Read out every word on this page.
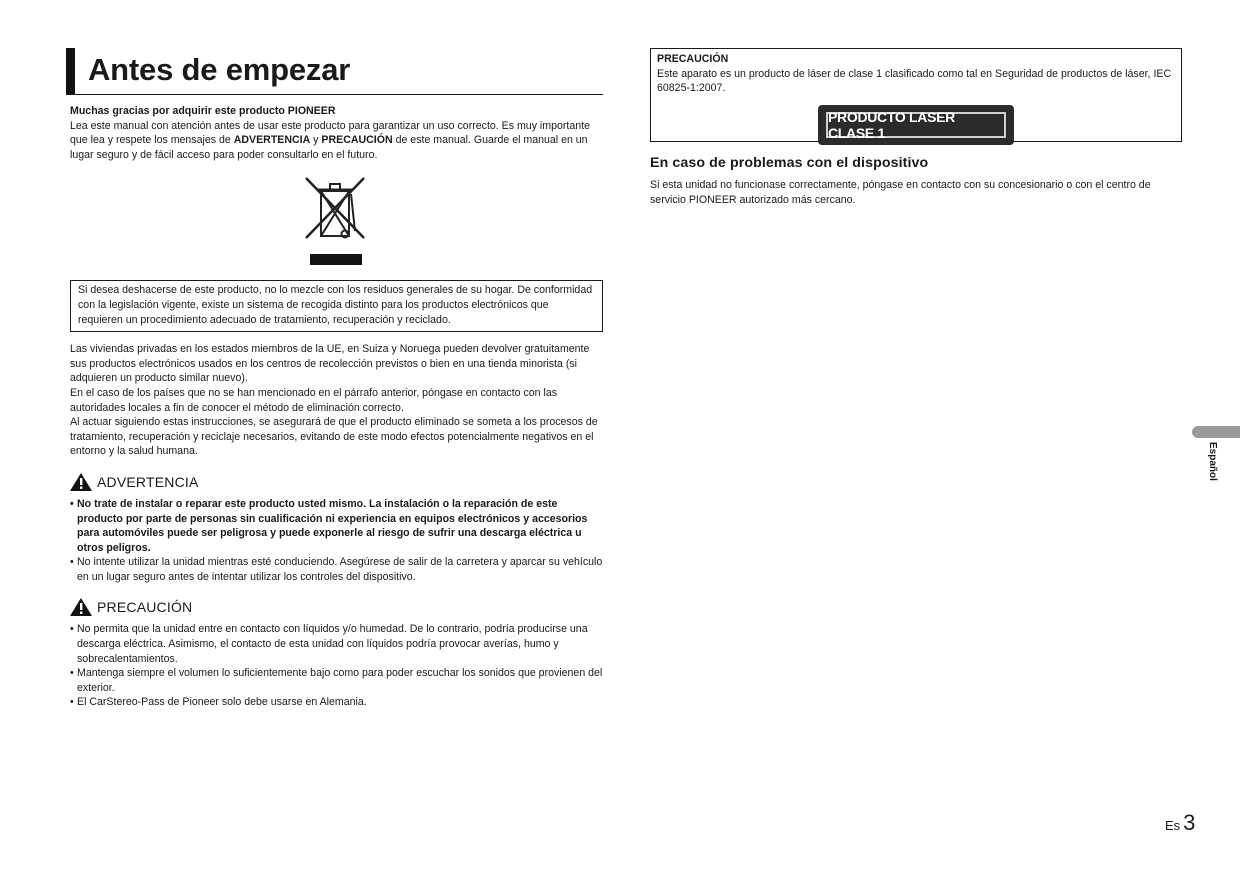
Antes de empezar

Muchas gracias por adquirir este producto PIONEER
Lea este manual con atención antes de usar este producto para garantizar un uso correcto. Es muy importante que lea y respete los mensajes de ADVERTENCIA y PRECAUCIÓN de este manual. Guarde el manual en un lugar seguro y de fácil acceso para poder consultarlo en el futuro.

Si desea deshacerse de este producto, no lo mezcle con los residuos generales de su hogar. De conformidad con la legislación vigente, existe un sistema de recogida distinto para los productos electrónicos que requieren un procedimiento adecuado de tratamiento, recuperación y reciclado.

Las viviendas privadas en los estados miembros de la UE, en Suiza y Noruega pueden devolver gratuitamente sus productos electrónicos usados en los centros de recolección previstos o bien en una tienda minorista (si adquieren un producto similar nuevo).

En el caso de los países que no se han mencionado en el párrafo anterior, póngase en contacto con las autoridades locales a fin de conocer el método de eliminación correcto.

Al actuar siguiendo estas instrucciones, se asegurará de que el producto eliminado se someta a los procesos de tratamiento, recuperación y reciclaje necesarios, evitando de este modo efectos potencialmente negativos en el entorno y la salud humana.

ADVERTENCIA
• No trate de instalar o reparar este producto usted mismo. La instalación o la reparación de este producto por parte de personas sin cualificación ni experiencia en equipos electrónicos y accesorios para automóviles puede ser peligrosa y puede exponerle al riesgo de sufrir una descarga eléctrica u otros peligros.
• No intente utilizar la unidad mientras esté conduciendo. Asegúrese de salir de la carretera y aparcar su vehículo en un lugar seguro antes de intentar utilizar los controles del dispositivo.
PRECAUCIÓN
• No permita que la unidad entre en contacto con líquidos y/o humedad. De lo contrario, podría producirse una descarga eléctrica. Asimismo, el contacto de esta unidad con líquidos podría provocar averías, humo y sobrecalentamientos.
• Mantenga siempre el volumen lo suficientemente bajo como para poder escuchar los sonidos que provienen del exterior.
• El CarStereo-Pass de Pioneer solo debe usarse en Alemania.

PRECAUCIÓN

Este aparato es un producto de láser de clase 1 clasificado como tal en Seguridad de productos de láser, IEC 60825-1:2007.

PRODUCTO LASER CLASE 1
En caso de problemas con el dispositivo

Si esta unidad no funcionase correctamente, póngase en contacto con su concesionario o con el centro de servicio PIONEER autorizado más cercano.

Español
Es 3
